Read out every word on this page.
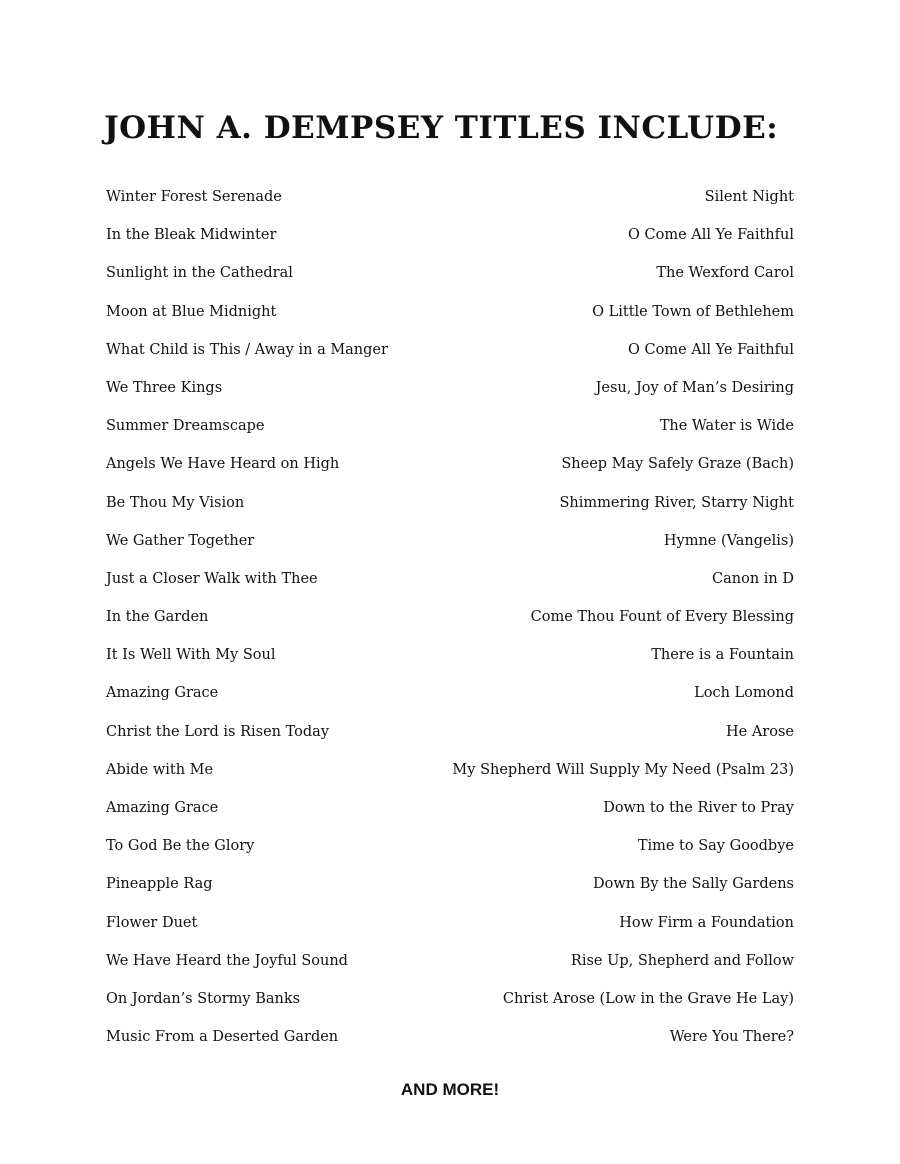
JOHN A. DEMPSEY TITLES INCLUDE:
Winter Forest Serenade	Silent Night
In the Bleak Midwinter	O Come All Ye Faithful
Sunlight in the Cathedral	The Wexford Carol
Moon at Blue Midnight	O Little Town of Bethlehem
What Child is This / Away in a Manger	O Come All Ye Faithful
We Three Kings	Jesu, Joy of Man’s Desiring
Summer Dreamscape	The Water is Wide
Angels We Have Heard on High	Sheep May Safely Graze (Bach)
Be Thou My Vision	Shimmering River, Starry Night
We Gather Together	Hymne (Vangelis)
Just a Closer Walk with Thee	Canon in D
In the Garden	Come Thou Fount of Every Blessing
It Is Well With My Soul	There is a Fountain
Amazing Grace	Loch Lomond
Christ the Lord is Risen Today	He Arose
Abide with Me	My Shepherd Will Supply My Need (Psalm 23)
Amazing Grace	Down to the River to Pray
To God Be the Glory	Time to Say Goodbye
Pineapple Rag	Down By the Sally Gardens
Flower Duet	How Firm a Foundation
We Have Heard the Joyful Sound	Rise Up, Shepherd and Follow
On Jordan’s Stormy Banks	Christ Arose (Low in the Grave He Lay)
Music From a Deserted Garden	Were You There?
AND MORE!
